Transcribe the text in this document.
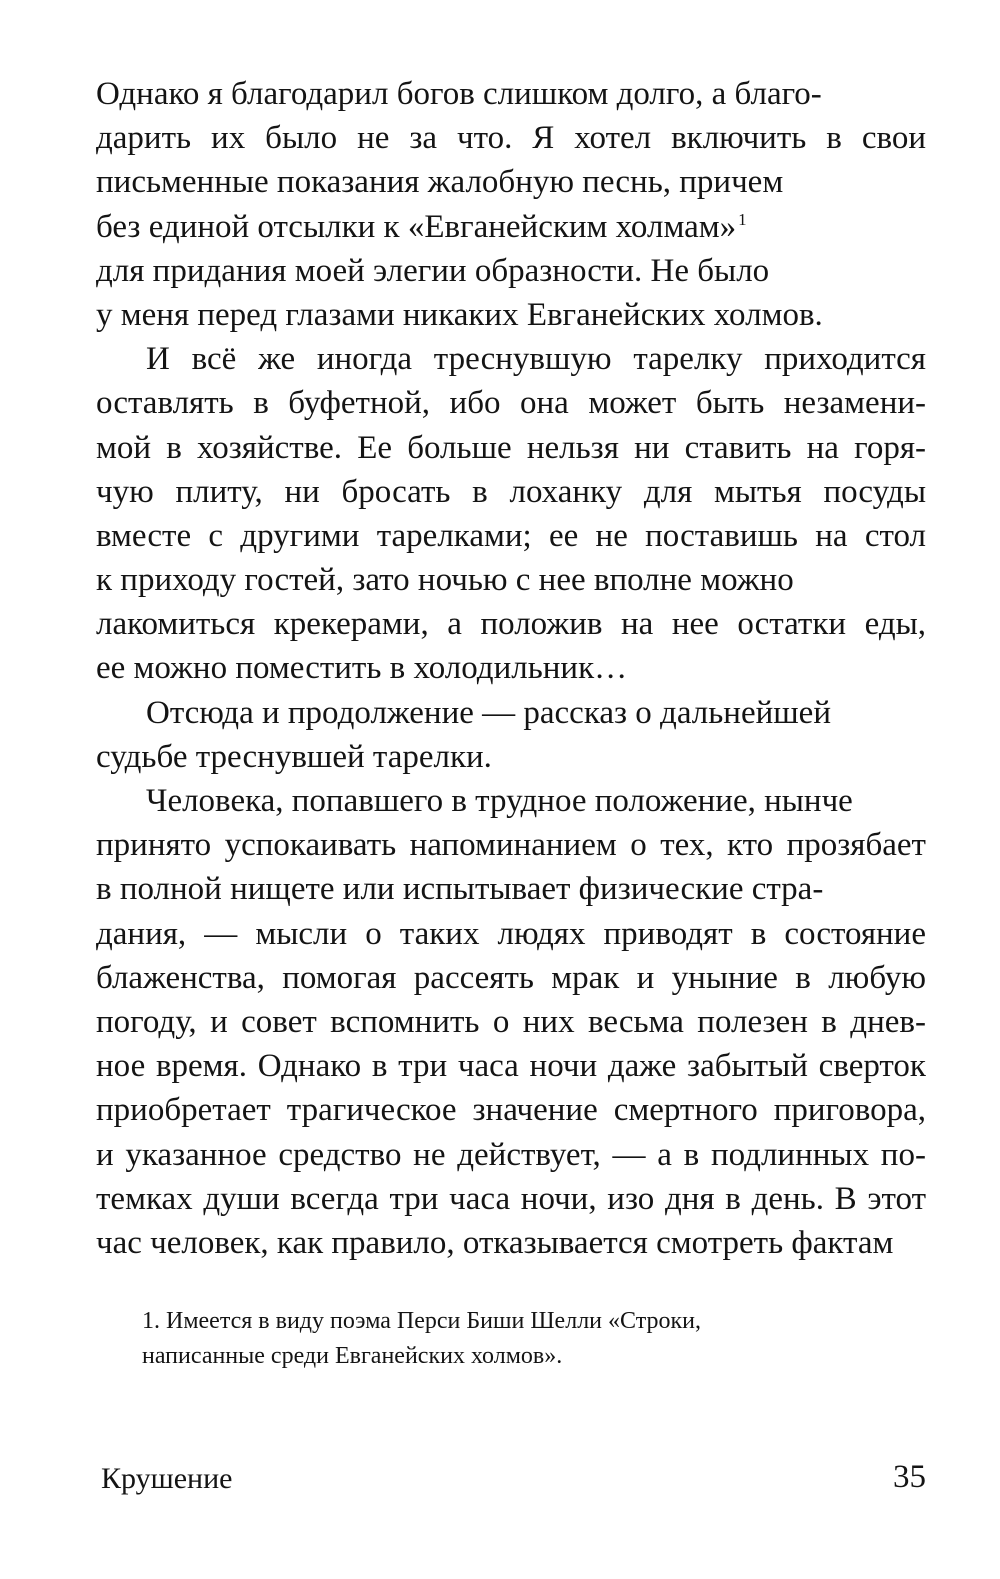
Однако я благодарил богов слишком долго, а благо-
дарить их было не за что. Я хотел включить в свои
письменные показания жалобную песнь, причем
без единой отсылки к «Евганейским холмам» $^1$
для придания моей элегии образности. Не было
у меня перед глазами никаких Евганейских холмов.
И всё же иногда треснувшую тарелку приходится
оставлять в буфетной, ибо она может быть незамени-
мой в хозяйстве. Ее больше нельзя ни ставить на горя-
чую плиту, ни бросать в лоханку для мытья посуды
вместе с другими тарелками; ее не поставишь на стол
к приходу гостей, зато ночью с нее вполне можно
лакомиться крекерами, а положив на нее остатки еды,
ее можно поместить в холодильник…
Отсюда и продолжение — рассказ о дальнейшей
судьбе треснувшей тарелки.
Человека, попавшего в трудное положение, нынче
принято успокаивать напоминанием о тех, кто прозябает
в полной нищете или испытывает физические стра-
дания, — мысли о таких людях приводят в состояние
блаженства, помогая рассеять мрак и уныние в любую
погоду, и совет вспомнить о них весьма полезен в днев-
ное время. Однако в три часа ночи даже забытый сверток
приобретает трагическое значение смертного приговора,
и указанное средство не действует, — а в подлинных по-
темках души всегда три часа ночи, изо дня в день. В этот
час человек, как правило, отказывается смотреть фактам
1. Имеется в виду поэма Перси Биши Шелли «Строки,
написанные среди Евганейских холмов».
Крушение	35
